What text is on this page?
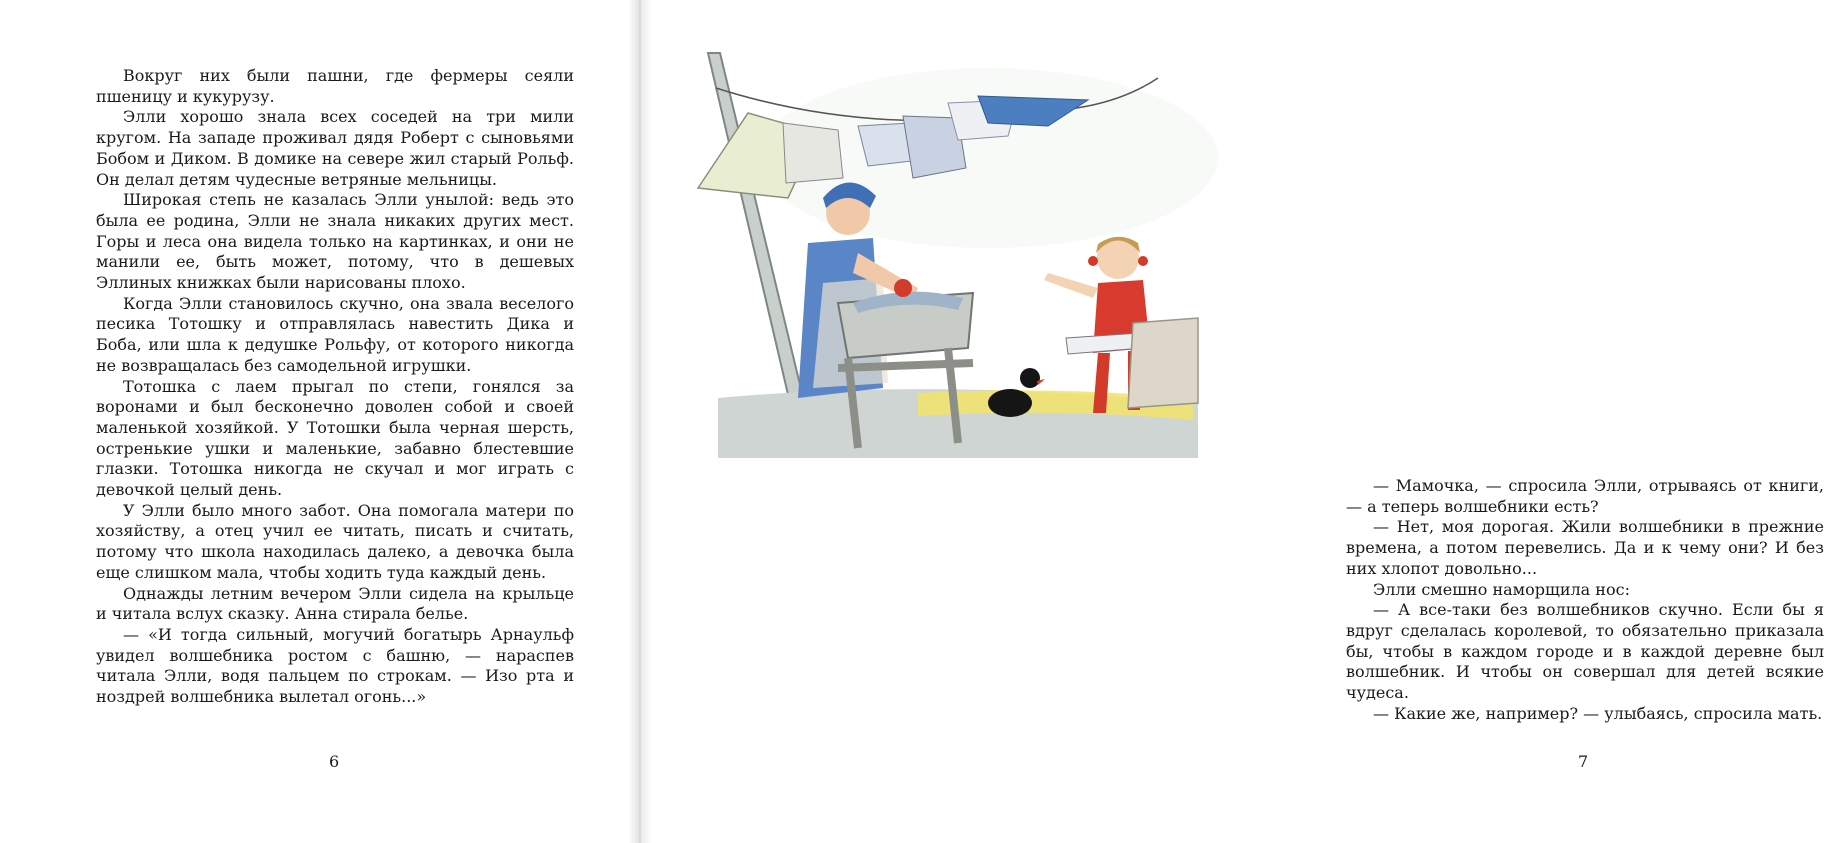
Вокруг них были пашни, где фермеры сеяли пшеницу и кукурузу.

Элли хорошо знала всех соседей на три мили кругом. На западе проживал дядя Роберт с сыновьями Бобом и Диком. В домике на севере жил старый Рольф. Он делал детям чудесные ветряные мельницы.

Широкая степь не казалась Элли унылой: ведь это была ее родина, Элли не знала никаких других мест. Горы и леса она видела только на картинках, и они не манили ее, быть может, потому, что в дешевых Эллиных книжках были нарисованы плохо.

Когда Элли становилось скучно, она звала веселого песика Тотошку и отправлялась навестить Дика и Боба, или шла к дедушке Рольфу, от которого никогда не возвращалась без самодельной игрушки.

Тотошка с лаем прыгал по степи, гонялся за воронами и был бесконечно доволен собой и своей маленькой хозяйкой. У Тотошки была черная шерсть, остренькие ушки и маленькие, забавно блестевшие глазки. Тотошка никогда не скучал и мог играть с девочкой целый день.

У Элли было много забот. Она помогала матери по хозяйству, а отец учил ее читать, писать и считать, потому что школа находилась далеко, а девочка была еще слишком мала, чтобы ходить туда каждый день.

Однажды летним вечером Элли сидела на крыльце и читала вслух сказку. Анна стирала белье.

— «И тогда сильный, могучий богатырь Арнаульф увидел волшебника ростом с башню, — нараспев читала Элли, водя пальцем по строкам. — Изо рта и ноздрей волшебника вылетал огонь...»

6

— Мамочка, — спросила Элли, отрываясь от книги, — а теперь волшебники есть?

— Нет, моя дорогая. Жили волшебники в прежние времена, а потом перевелись. Да и к чему они? И без них хлопот довольно...

Элли смешно наморщила нос:

— А все-таки без волшебников скучно. Если бы я вдруг сделалась королевой, то обязательно приказала бы, чтобы в каждом городе и в каждой деревне был волшебник. И чтобы он совершал для детей всякие чудеса.

— Какие же, например? — улыбаясь, спросила мать.

7
